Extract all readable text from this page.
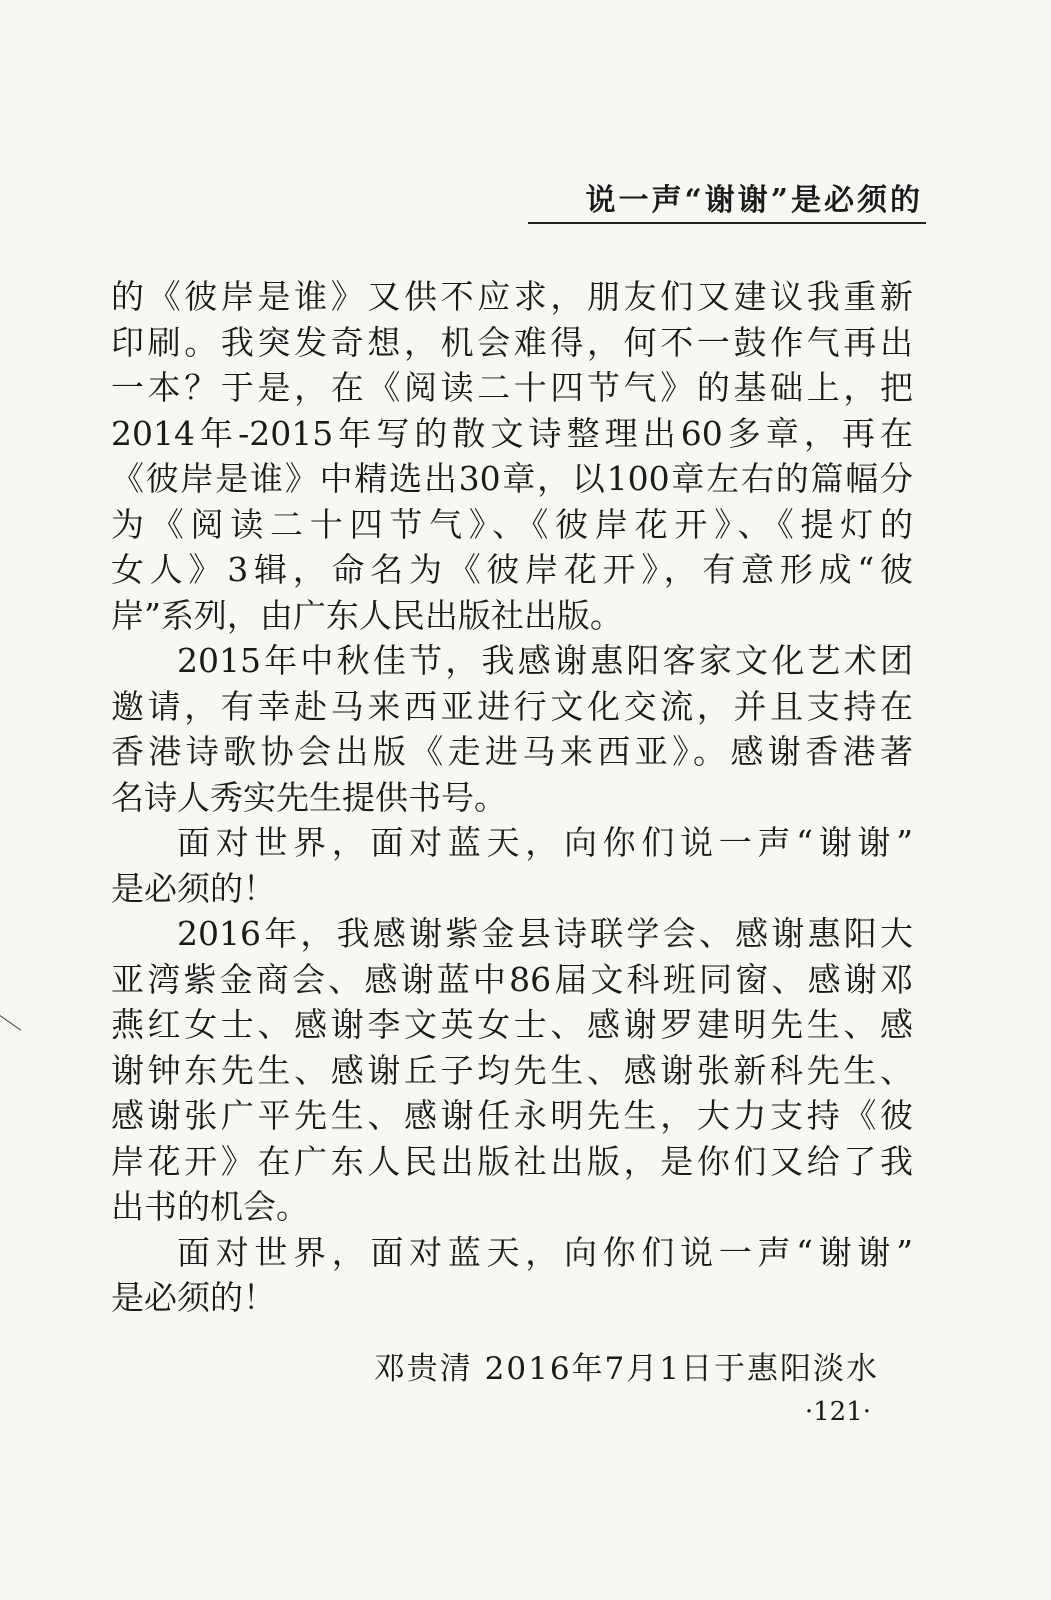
说一声“谢谢”是必须的
的《彼岸是谁》又供不应求，朋友们又建议我重新
印刷。我突发奇想，机会难得，何不一鼓作气再出
一本？于是，在《阅读二十四节气》的基础上，把
2014年-2015年写的散文诗整理出60多章，再在
《彼岸是谁》中精选出30章，以100章左右的篇幅分
为《阅读二十四节气》、《彼岸花开》、《提灯的
女人》3辑，命名为《彼岸花开》，有意形成“彼
岸”系列，由广东人民出版社出版。
2015年中秋佳节，我感谢惠阳客家文化艺术团
邀请，有幸赴马来西亚进行文化交流，并且支持在
香港诗歌协会出版《走进马来西亚》。感谢香港著
名诗人秀实先生提供书号。
面对世界，面对蓝天，向你们说一声“谢谢”
是必须的！
2016年，我感谢紫金县诗联学会、感谢惠阳大
亚湾紫金商会、感谢蓝中86届文科班同窗、感谢邓
燕红女士、感谢李文英女士、感谢罗建明先生、感
谢钟东先生、感谢丘子均先生、感谢张新科先生、
感谢张广平先生、感谢任永明先生，大力支持《彼
岸花开》在广东人民出版社出版，是你们又给了我
出书的机会。
面对世界，面对蓝天，向你们说一声“谢谢”
是必须的！
邓贵清 2016年7月1日于惠阳淡水
·121·
